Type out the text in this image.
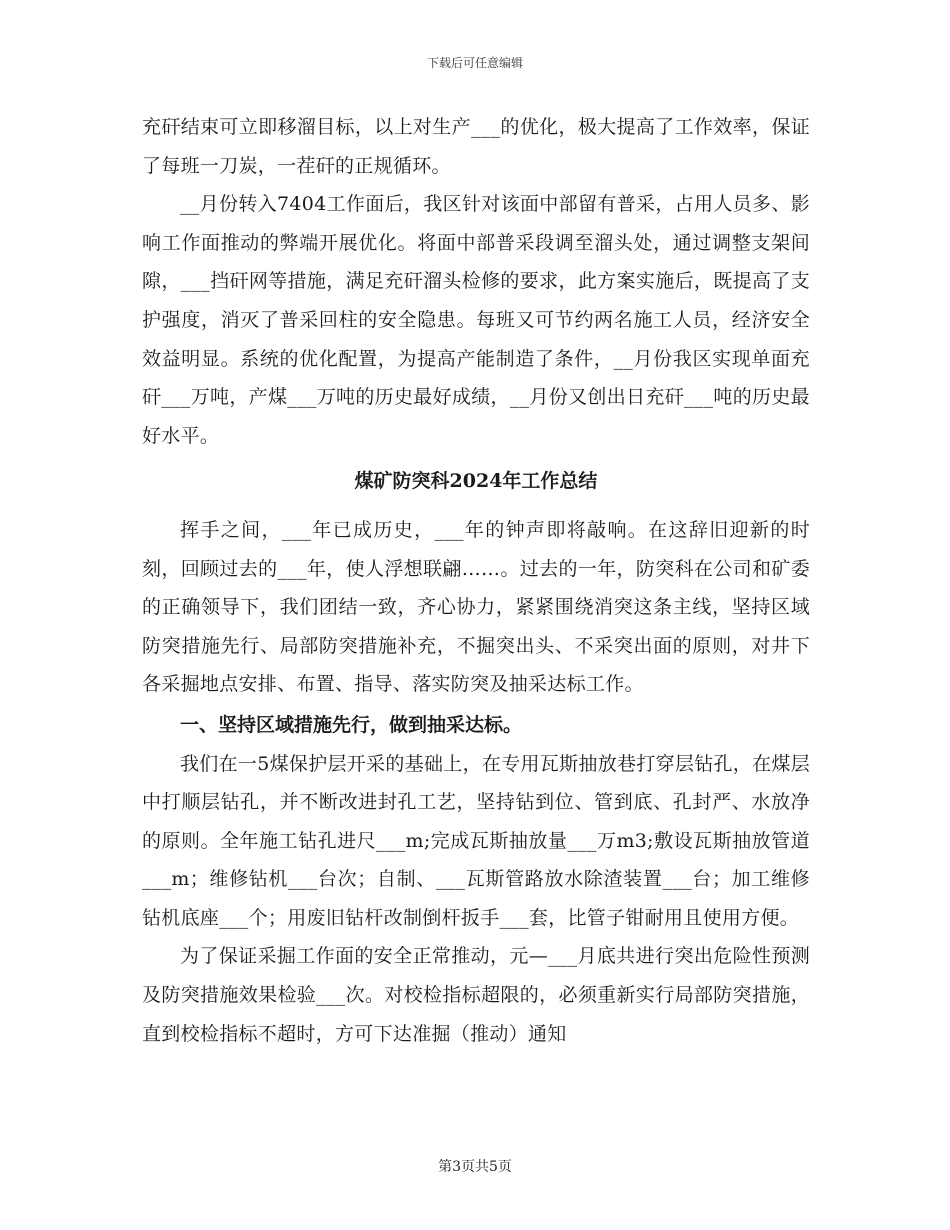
下载后可任意编辑

充矸结束可立即移溜目标，以上对生产___的优化，极大提高了工作效率，保证了每班一刀炭，一茬矸的正规循环。

__月份转入7404工作面后，我区针对该面中部留有普采，占用人员多、影响工作面推动的弊端开展优化。将面中部普采段调至溜头处，通过调整支架间隙，___挡矸网等措施，满足充矸溜头检修的要求，此方案实施后，既提高了支护强度，消灭了普采回柱的安全隐患。每班又可节约两名施工人员，经济安全效益明显。系统的优化配置，为提高产能制造了条件，__月份我区实现单面充矸___万吨，产煤___万吨的历史最好成绩，__月份又创出日充矸___吨的历史最好水平。

煤矿防突科2024年工作总结

挥手之间，___年已成历史，___年的钟声即将敲响。在这辞旧迎新的时刻，回顾过去的___年，使人浮想联翩……。过去的一年，防突科在公司和矿委的正确领导下，我们团结一致，齐心协力，紧紧围绕消突这条主线，坚持区域防突措施先行、局部防突措施补充，不掘突出头、不采突出面的原则，对井下各采掘地点安排、布置、指导、落实防突及抽采达标工作。

一、坚持区域措施先行，做到抽采达标。

我们在一5煤保护层开采的基础上，在专用瓦斯抽放巷打穿层钻孔，在煤层中打顺层钻孔，并不断改进封孔工艺，坚持钻到位、管到底、孔封严、水放净的原则。全年施工钻孔进尺___m;完成瓦斯抽放量___万m3;敷设瓦斯抽放管道___m；维修钻机___台次；自制、___瓦斯管路放水除渣装置___台；加工维修钻机底座___个；用废旧钻杆改制倒杆扳手___套，比管子钳耐用且使用方便。

为了保证采掘工作面的安全正常推动，元—___月底共进行突出危险性预测及防突措施效果检验___次。对校检指标超限的，必须重新实行局部防突措施，直到校检指标不超时，方可下达准掘（推动）通知

第3页共5页
